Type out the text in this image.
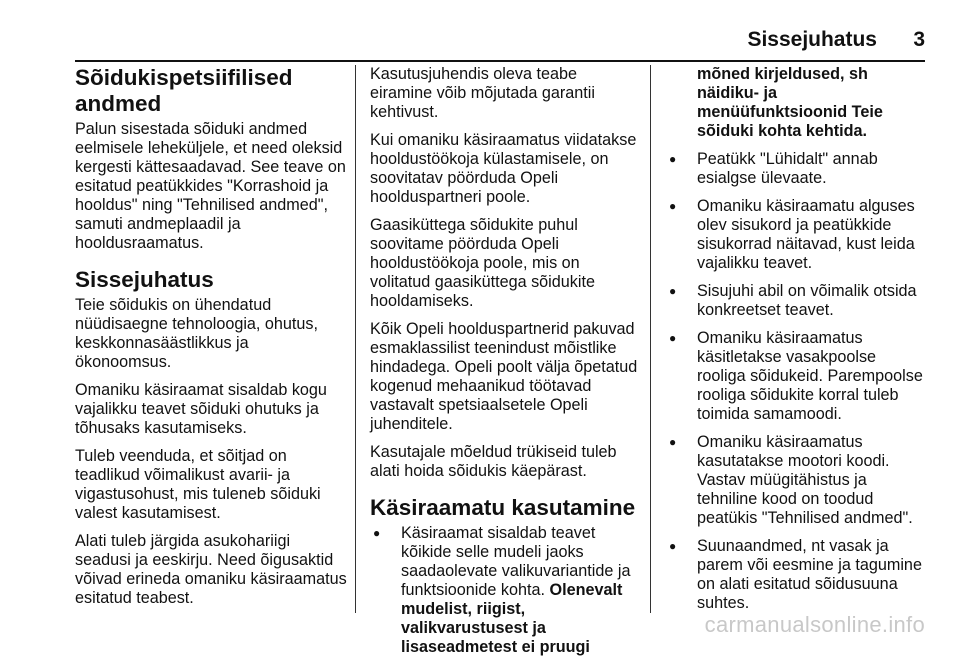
Sissejuhatus 3
Sõidukispetsiifilised
andmed

Palun sisestada sõiduki andmed eelmisele leheküljele, et need oleksid kergesti kättesaadavad. See teave on esitatud peatükkides "Korrashoid ja hooldus" ning "Tehnilised andmed", samuti andmeplaadil ja hooldusraamatus.

Sissejuhatus

Teie sõidukis on ühendatud nüüdisaegne tehnoloogia, ohutus, keskkonnasäästlikkus ja ökonoomsus.

Omaniku käsiraamat sisaldab kogu vajalikku teavet sõiduki ohutuks ja tõhusaks kasutamiseks.

Tuleb veenduda, et sõitjad on teadlikud võimalikust avarii- ja vigastusohust, mis tuleneb sõiduki valest kasutamisest.

Alati tuleb järgida asukohariigi seadusi ja eeskirju. Need õigusaktid võivad erineda omaniku käsiraamatus esitatud teabest.

Kasutusjuhendis oleva teabe eiramine võib mõjutada garantii kehtivust.

Kui omaniku käsiraamatus viidatakse hooldustöökoja külastamisele, on soovitatav pöörduda Opeli hoolduspartneri poole.

Gaasiküttega sõidukite puhul soovitame pöörduda Opeli hooldustöökoja poole, mis on volitatud gaasiküttega sõidukite hooldamiseks.

Kõik Opeli hoolduspartnerid pakuvad esmaklassilist teenindust mõistlike hindadega. Opeli poolt välja õpetatud kogenud mehaanikud töötavad vastavalt spetsiaalsetele Opeli juhenditele.

Kasutajale mõeldud trükiseid tuleb alati hoida sõidukis käepärast.

Käsiraamatu kasutamine
● Käsiraamat sisaldab teavet kõikide selle mudeli jaoks saadaolevate valikuvariantide ja funktsioonide kohta. Olenevalt mudelist, riigist, valikvarustusest ja lisaseadmetest ei pruugi

mõned kirjeldused, sh näidiku- ja menüüfunktsioonid Teie sõiduki kohta kehtida.

● Peatükk "Lühidalt" annab esialgse ülevaate.
● Omaniku käsiraamatu alguses olev sisukord ja peatükkide sisukorrad näitavad, kust leida vajalikku teavet.
● Sisujuhi abil on võimalik otsida konkreetset teavet.
● Omaniku käsiraamatus käsitletakse vasakpoolse rooliga sõidukeid. Parempoolse rooliga sõidukite korral tuleb toimida samamoodi.
● Omaniku käsiraamatus kasutatakse mootori koodi. Vastav müügitähistus ja tehniline kood on toodud peatükis "Tehnilised andmed".
● Suunaandmed, nt vasak ja parem või eesmine ja tagumine on alati esitatud sõidusuuna suhtes.
carmanualsonline.info
